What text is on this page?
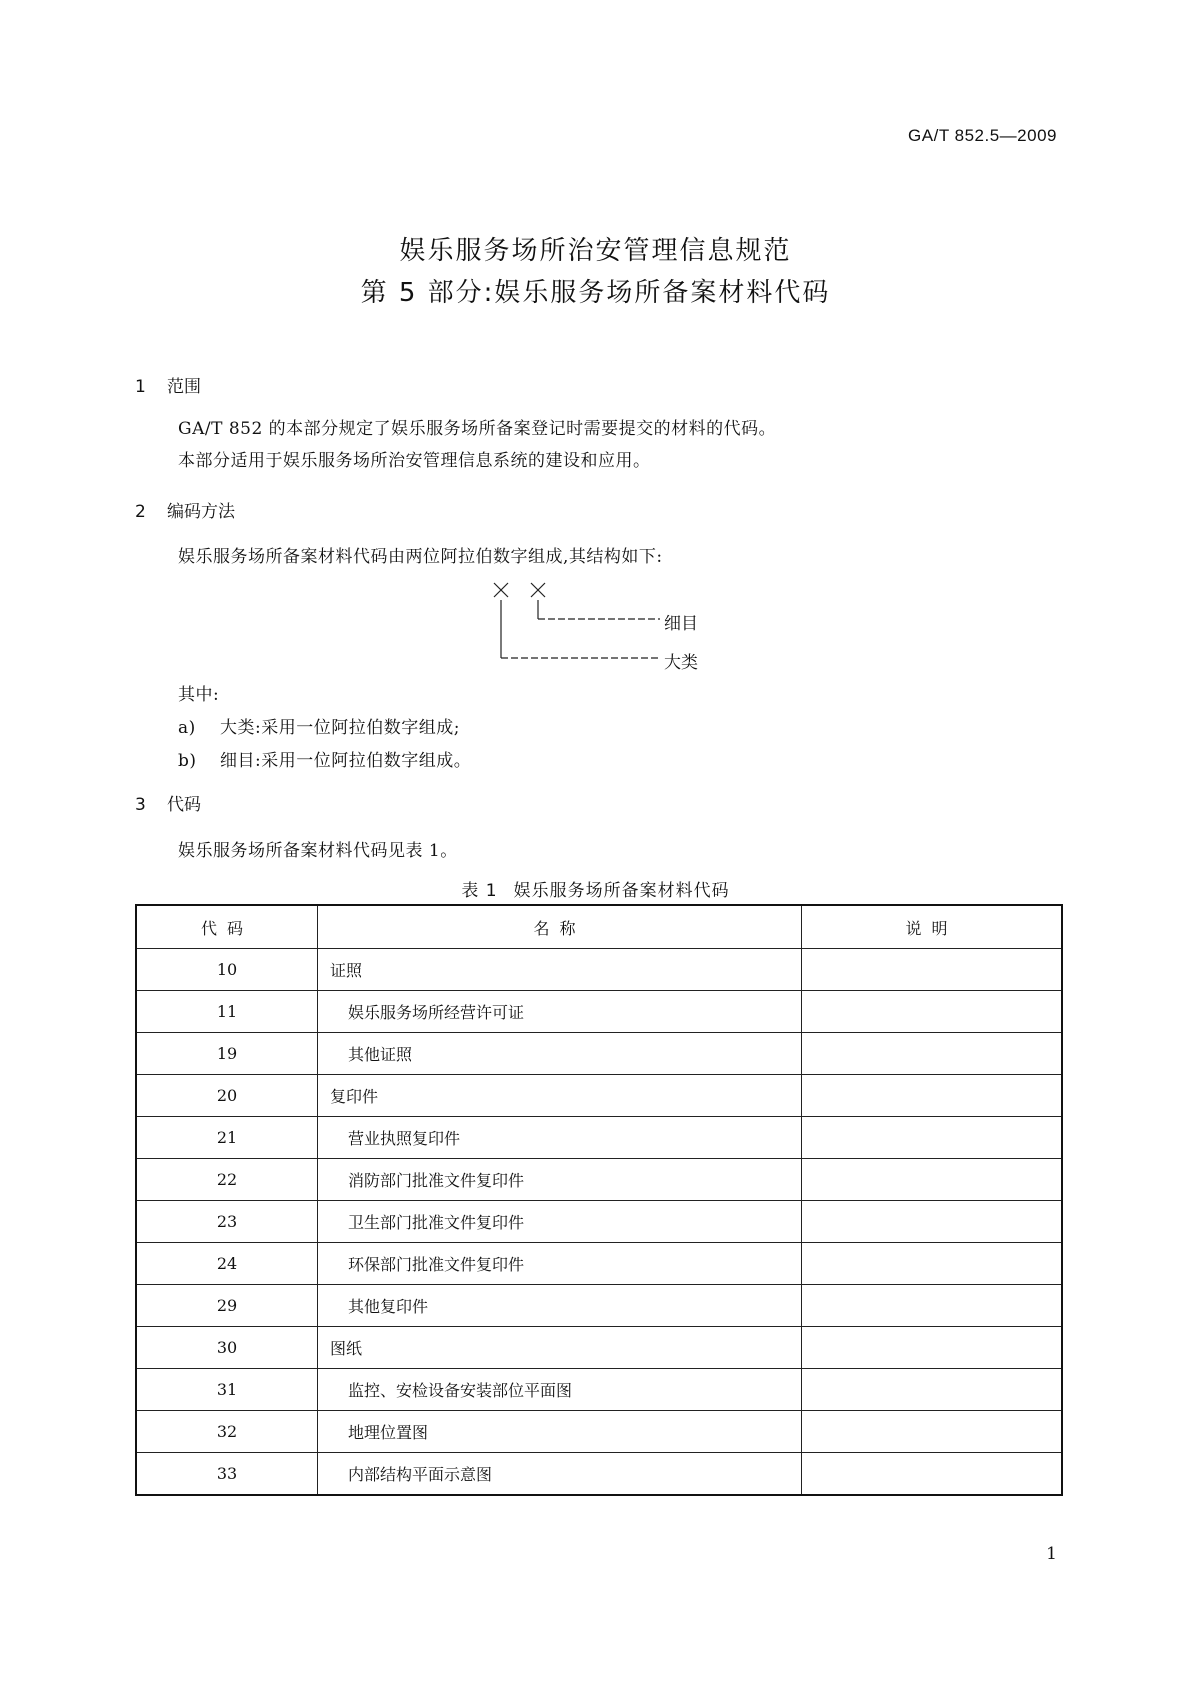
GA/T 852.5—2009
娱乐服务场所治安管理信息规范
第 5 部分:娱乐服务场所备案材料代码
1 范围
GA/T 852 的本部分规定了娱乐服务场所备案登记时需要提交的材料的代码。
本部分适用于娱乐服务场所治安管理信息系统的建设和应用。
2 编码方法
娱乐服务场所备案材料代码由两位阿拉伯数字组成,其结构如下:
细目
大类
其中:
a) 大类:采用一位阿拉伯数字组成;
b) 细目:采用一位阿拉伯数字组成。
3 代码
娱乐服务场所备案材料代码见表 1。
表 1 娱乐服务场所备案材料代码
代码	名称	说明
10	证照	
11	娱乐服务场所经营许可证	
19	其他证照	
20	复印件	
21	营业执照复印件	
22	消防部门批准文件复印件	
23	卫生部门批准文件复印件	
24	环保部门批准文件复印件	
29	其他复印件	
30	图纸	
31	监控、安检设备安装部位平面图	
32	地理位置图	
33	内部结构平面示意图	
1
